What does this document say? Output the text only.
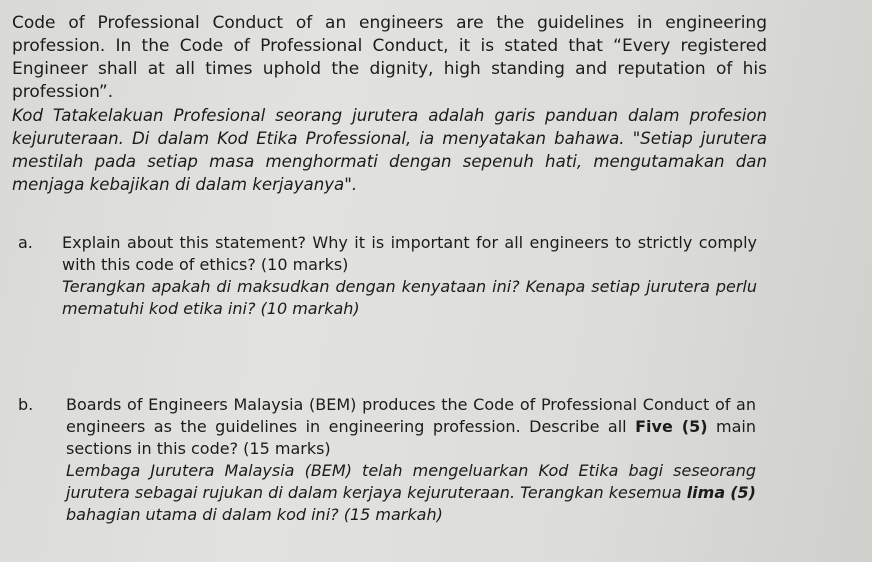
Code of Professional Conduct of an engineers are the guidelines in engineering profession. In the Code of Professional Conduct, it is stated that “Every registered Engineer shall at all times uphold the dignity, high standing and reputation of his profession”.

Kod Tatakelakuan Profesional seorang jurutera adalah garis panduan dalam profesion kejuruteraan. Di dalam Kod Etika Professional, ia menyatakan bahawa. "Setiap jurutera mestilah pada setiap masa menghormati dengan sepenuh hati, mengutamakan dan menjaga kebajikan di dalam kerjayanya".

a. Explain about this statement? Why it is important for all engineers to strictly comply with this code of ethics? (10 marks)

Terangkan apakah di maksudkan dengan kenyataan ini? Kenapa setiap jurutera perlu mematuhi kod etika ini? (10 markah)

b. Boards of Engineers Malaysia (BEM) produces the Code of Professional Conduct of an engineers as the guidelines in engineering profession. Describe all Five (5) main sections in this code? (15 marks)

Lembaga Jurutera Malaysia (BEM) telah mengeluarkan Kod Etika bagi seseorang jurutera sebagai rujukan di dalam kerjaya kejuruteraan. Terangkan kesemua lima (5) bahagian utama di dalam kod ini? (15 markah)
